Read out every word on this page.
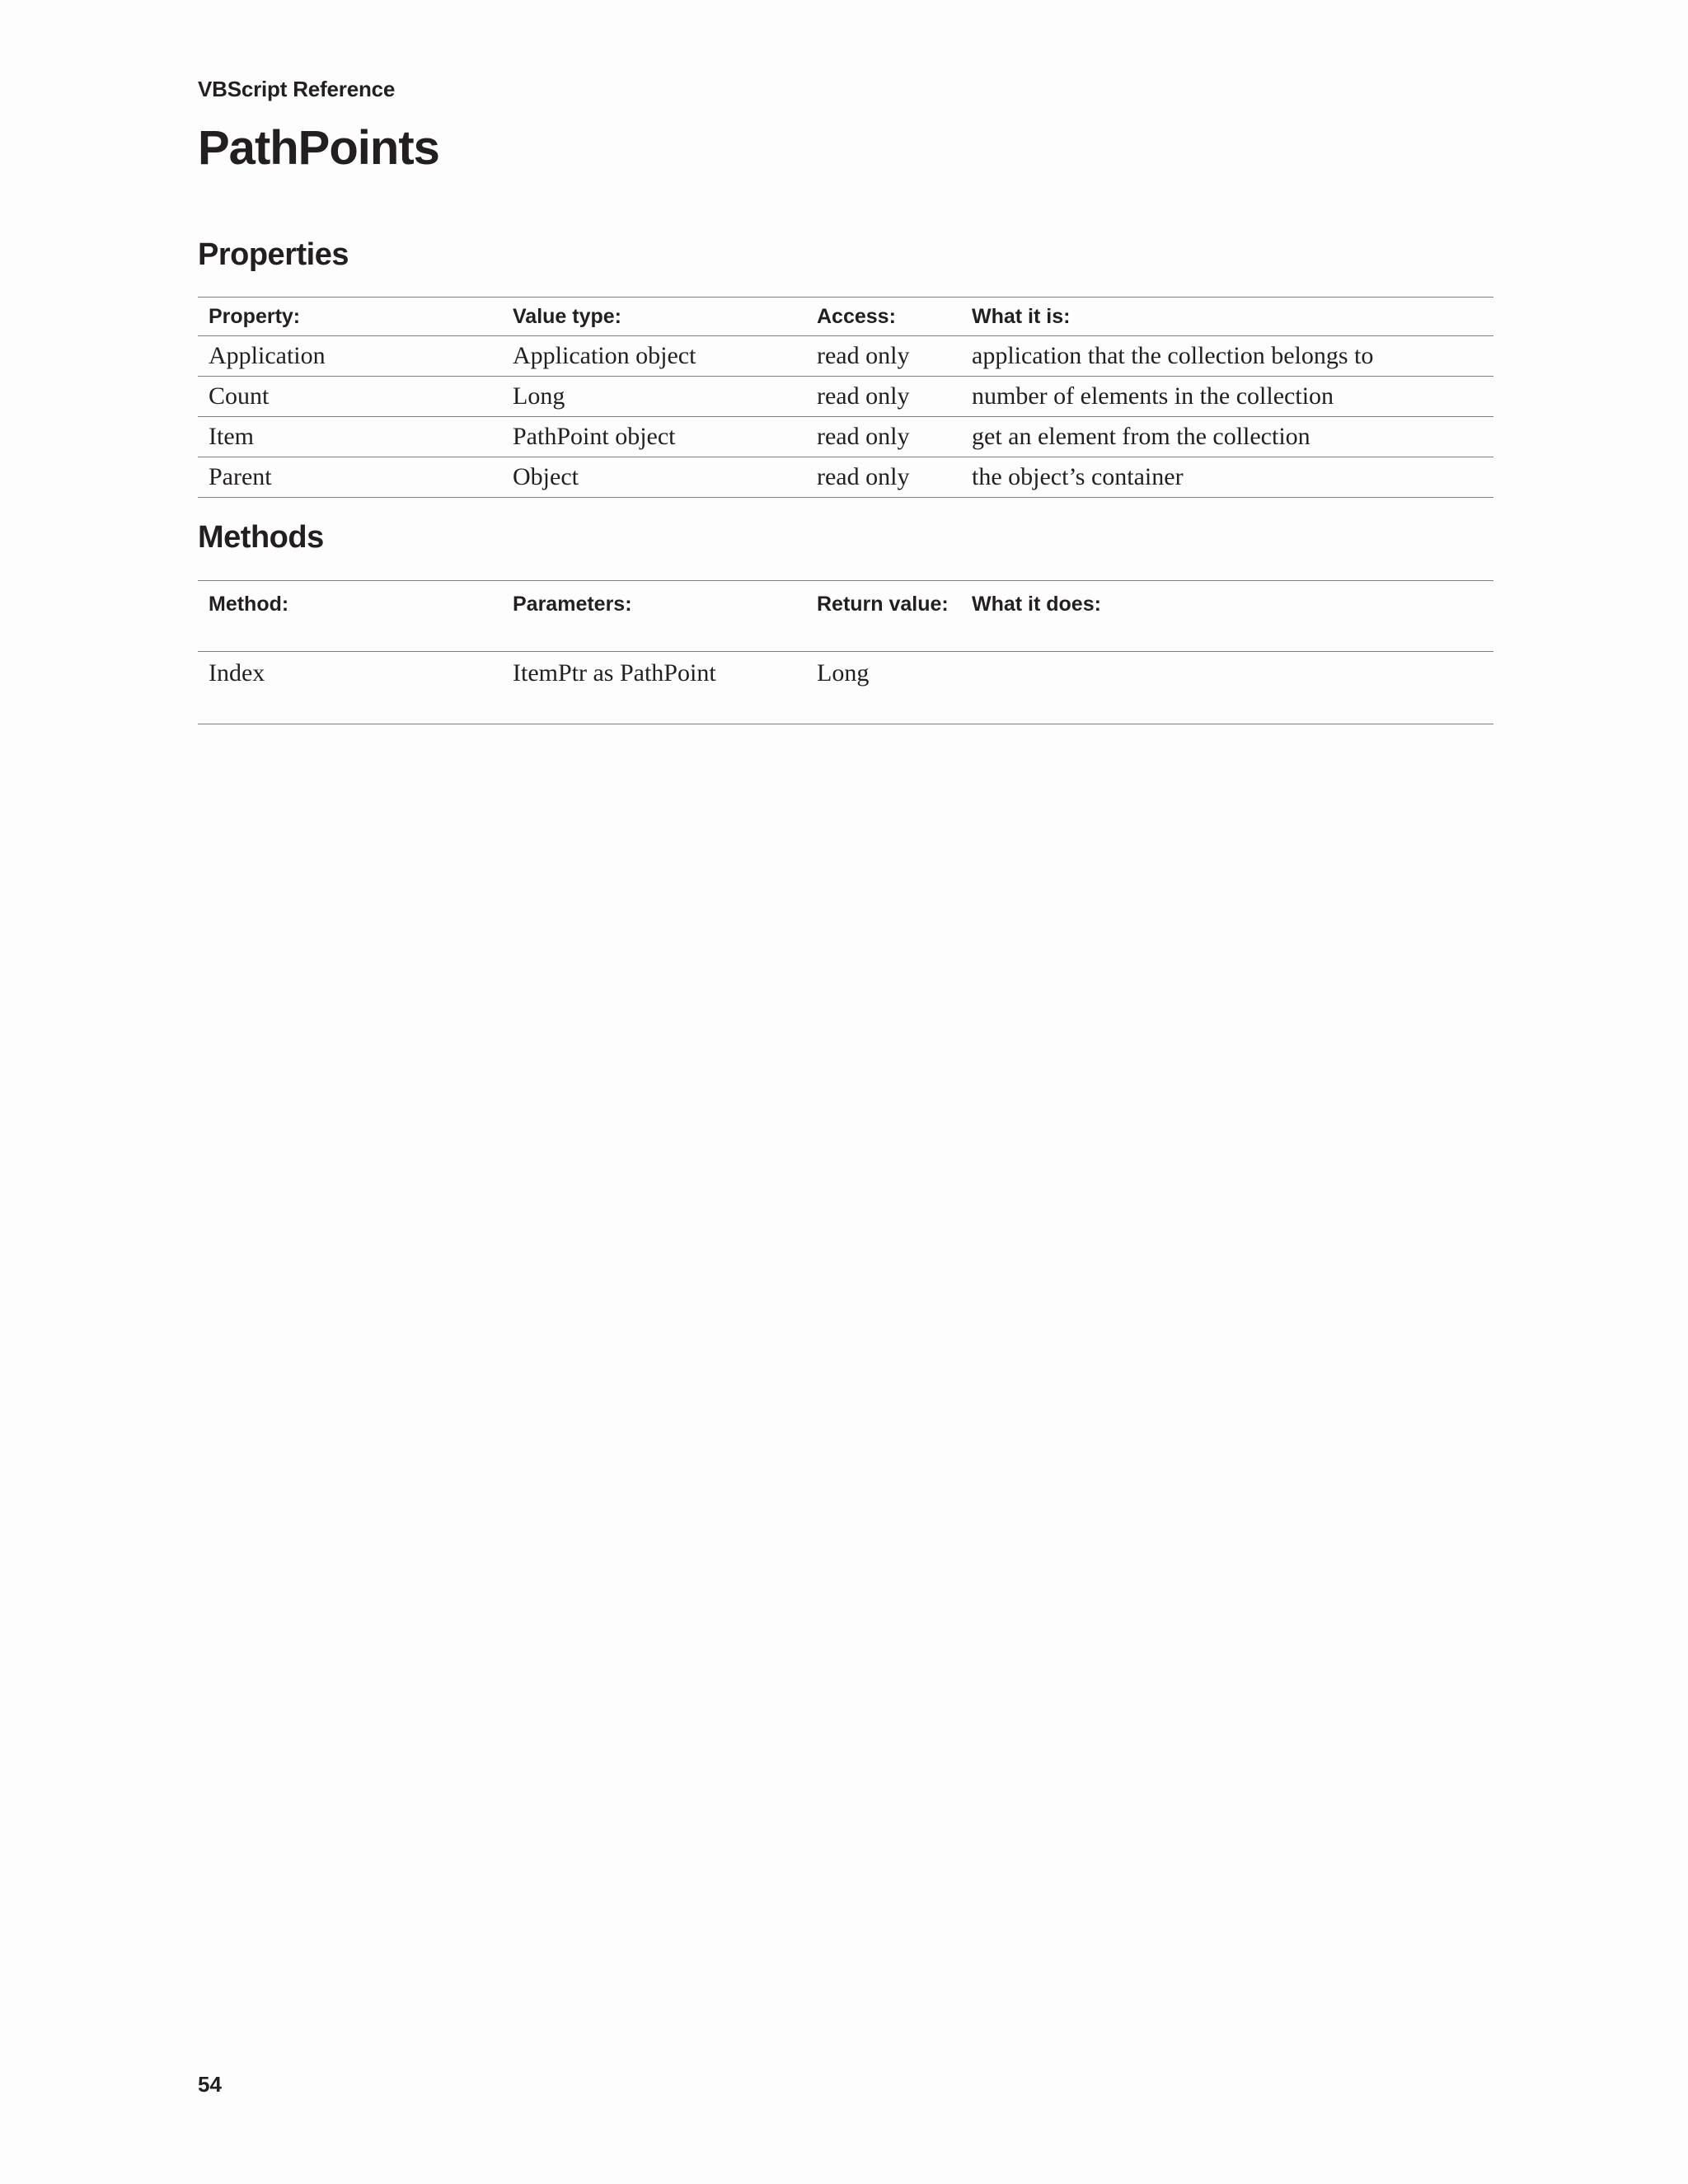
VBScript Reference
PathPoints
Properties
Property:	Value type:	Access:	What it is:
Application	Application object	read only	application that the collection belongs to
Count	Long	read only	number of elements in the collection
Item	PathPoint object	read only	get an element from the collection
Parent	Object	read only	the object’s container
Methods
Method:	Parameters:	Return value:	What it does:
Index	ItemPtr as PathPoint	Long	
54
